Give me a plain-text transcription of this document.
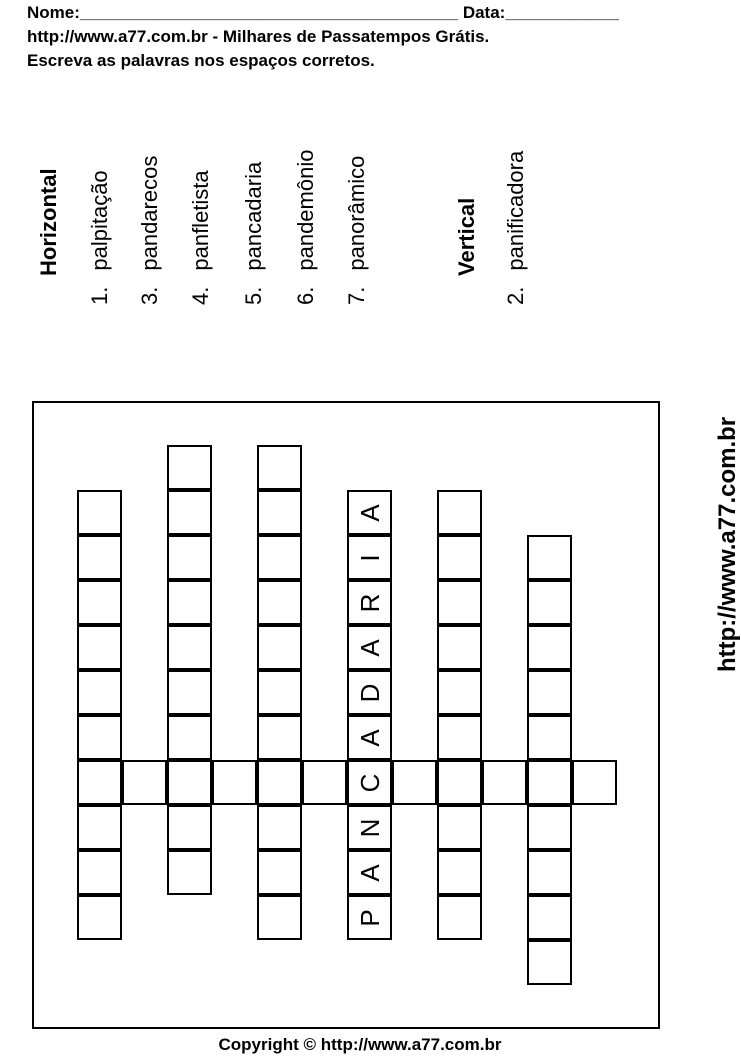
Nome:________________________________________ Data:____________
http://www.a77.com.br - Milhares de Passatempos Grátis.
Escreva as palavras nos espaços corretos.
Horizontal
1.palpitação
3.pandarecos
4.panfletista
5.pancadaria
6.pandemônio
7.panorâmico	Vertical
2.panificadora
A
I
R
A
D
A
C
N
A
P
http://www.a77.com.br
Copyright © http://www.a77.com.br
